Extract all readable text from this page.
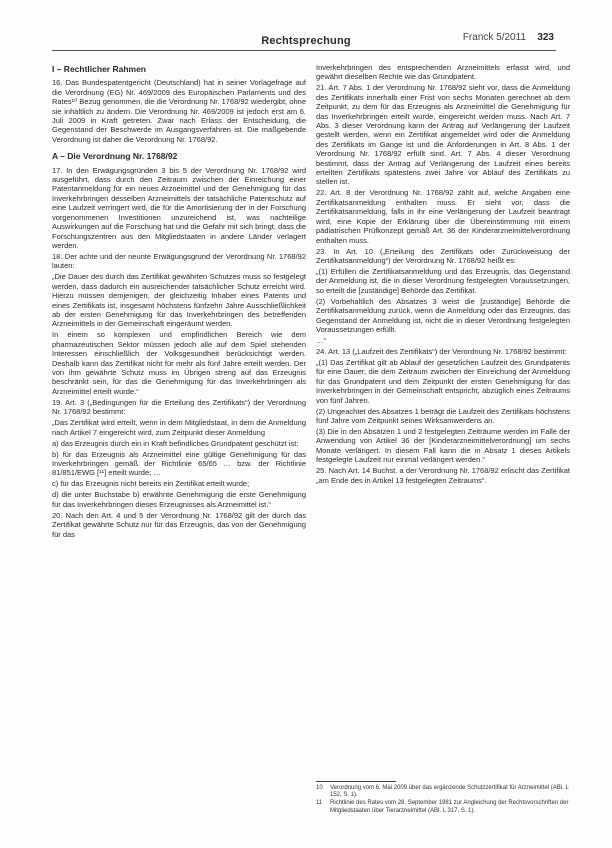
Rechtsprechung	Franck 5/2011 323
I – Rechtlicher Rahmen

16. Das Bundespatentgericht (Deutschland) hat in seiner Vorlagefrage auf die Verordnung (EG) Nr. 469/2009 des Europäischen Parlaments und des Rates¹⁰ Bezug genommen, die die Verordnung Nr. 1768/92 wiedergibt, ohne sie inhaltlich zu ändern. Die Verordnung Nr. 469/2009 ist jedoch erst am 6. Juli 2009 in Kraft getreten. Zwar nach Erlass der Entscheidung, die Gegenstand der Beschwerde im Ausgangsverfahren ist. Die maßgebende Verordnung ist daher die Verordnung Nr. 1768/92.

A – Die Verordnung Nr. 1768/92

17. In den Erwägungsgründen 3 bis 5 der Verordnung Nr. 1768/92 wird ausgeführt, dass durch den Zeitraum zwischen der Einreichung einer Patentanmeldung für ein neues Arzneimittel und der Genehmigung für das Inverkehrbringen desselben Arzneimittels der tatsächliche Patentschutz auf eine Laufzeit verringert wird, die für die Amortisierung der in der Forschung vorgenommenen Investitionen unzureichend ist, was nachteilige Auswirkungen auf die Forschung hat und die Gefahr mit sich bringt, dass die Forschungszentren aus den Mitgliedstaaten in andere Länder verlagert werden.

18. Der achte und der neunte Erwägungsgrund der Verordnung Nr. 1768/92 lauten:

„Die Dauer des durch das Zertifikat gewährten Schutzes muss so festgelegt werden, dass dadurch ein ausreichender tatsächlicher Schutz erreicht wird. Hierzu müssen demjenigen, der gleichzeitig Inhaber eines Patents und eines Zertifikats ist, insgesamt höchstens fünfzehn Jahre Ausschließlichkeit ab der ersten Genehmigung für das Inverkehrbringen des betreffenden Arzneimittels in der Gemeinschaft eingeräumt werden.

In einem so komplexen und empfindlichen Bereich wie dem pharmazeutischen Sektor müssen jedoch alle auf dem Spiel stehenden Interessen einschließlich der Volksgesundheit berücksichtigt werden. Deshalb kann das Zertifikat nicht für mehr als fünf Jahre erteilt werden. Der von ihm gewährte Schutz muss im Übrigen streng auf das Erzeugnis beschränkt sein, für das die Genehmigung für das Inverkehrbringen als Arzneimittel erteilt wurde.“

19. Art. 3 („Bedingungen für die Erteilung des Zertifikats“) der Verordnung Nr. 1768/92 bestimmt:

„Das Zertifikat wird erteilt, wenn in dem Mitgliedstaat, in dem die Anmeldung nach Artikel 7 eingereicht wird, zum Zeitpunkt dieser Anmeldung

a) das Erzeugnis durch ein in Kraft befindliches Grundpatent geschützt ist;

b) für das Erzeugnis als Arzneimittel eine gültige Genehmigung für das Inverkehrbringen gemäß der Richtlinie 65/65 … bzw. der Richtlinie 81/851/EWG [¹¹] erteilt wurde; …

c) für das Erzeugnis nicht bereits ein Zertifikat erteilt wurde;

d) die unter Buchstabe b) erwähnte Genehmigung die erste Genehmigung für das Inverkehrbringen dieses Erzeugnisses als Arzneimittel ist.“

20. Nach den Art. 4 und 5 der Verordnung Nr. 1768/92 gilt der durch das Zertifikat gewährte Schutz nur für das Erzeugnis, das von der Genehmigung für das

Inverkehrbringen des entsprechenden Arzneimittels erfasst wird, und gewährt dieselben Rechte wie das Grundpatent.

21. Art. 7 Abs. 1 der Verordnung Nr. 1768/92 sieht vor, dass die Anmeldung des Zertifikats innerhalb einer Frist von sechs Monaten gerechnet ab dem Zeitpunkt, zu dem für das Erzeugnis als Arzneimittel die Genehmigung für das Inverkehrbringen erteilt wurde, eingereicht werden muss. Nach Art. 7 Abs. 3 dieser Verordnung kann der Antrag auf Verlängerung der Laufzeit gestellt werden, wenn ein Zertifikat angemeldet wird oder die Anmeldung des Zertifikats im Gange ist und die Anforderungen in Art. 8 Abs. 1 der Verordnung Nr. 1768/92 erfüllt sind. Art. 7 Abs. 4 dieser Verordnung bestimmt, dass der Antrag auf Verlängerung der Laufzeit eines bereits erteilten Zertifikats spätestens zwei Jahre vor Ablauf des Zertifikats zu stellen ist.

22. Art. 8 der Verordnung Nr. 1768/92 zählt auf, welche Angaben eine Zertifikatsanmeldung enthalten muss. Er sieht vor, dass die Zertifikatsanmeldung, falls in ihr eine Verlängerung der Laufzeit beantragt wird, eine Kopie der Erklärung über die Übereinstimmung mit einem pädiatrischen Prüfkonzept gemäß Art. 36 der Kinderarzneimittelverordnung enthalten muss.

23. In Art. 10 („Erteilung des Zertifikats oder Zurückweisung der Zertifikatsanmeldung“) der Verordnung Nr. 1768/92 heißt es:

„(1) Erfüllen die Zertifikatsanmeldung und das Erzeugnis, das Gegenstand der Anmeldung ist, die in dieser Verordnung festgelegten Voraussetzungen, so erteilt die [zuständige] Behörde das Zertifikat.

(2) Vorbehaltlich des Absatzes 3 weist die [zuständige] Behörde die Zertifikatsanmeldung zurück, wenn die Anmeldung oder das Erzeugnis, das Gegenstand der Anmeldung ist, nicht die in dieser Verordnung festgelegten Voraussetzungen erfüllt.

…“

24. Art. 13 („Laufzeit des Zertifikats“) der Verordnung Nr. 1768/92 bestimmt:

„(1) Das Zertifikat gilt ab Ablauf der gesetzlichen Laufzeit des Grundpatents für eine Dauer, die dem Zeitraum zwischen der Einreichung der Anmeldung für das Grundpatent und dem Zeitpunkt der ersten Genehmigung für das Inverkehrbringen in der Gemeinschaft entspricht, abzüglich eines Zeitraums von fünf Jahren.

(2) Ungeachtet des Absatzes 1 beträgt die Laufzeit des Zertifikats höchstens fünf Jahre vom Zeitpunkt seines Wirksamwerdens an.

(3) Die in den Absätzen 1 und 2 festgelegten Zeiträume werden im Falle der Anwendung von Artikel 36 der [Kinderarzneimittelverordnung] um sechs Monate verlängert. In diesem Fall kann die in Absatz 1 dieses Artikels festgelegte Laufzeit nur einmal verlängert werden.“

25. Nach Art. 14 Buchst. a der Verordnung Nr. 1768/92 erlischt das Zertifikat „am Ende des in Artikel 13 festgelegten Zeitraums“.

10	Verordnung vom 6. Mai 2009 über das ergänzende Schutzzertifikat für Arzneimittel (ABl. L 152, S. 1).
11	Richtlinie des Rates vom 28. September 1981 zur Angleichung der Rechtsvorschriften der Mitgliedstaaten über Tierarzneimittel (ABl. L 317, S. 1).
